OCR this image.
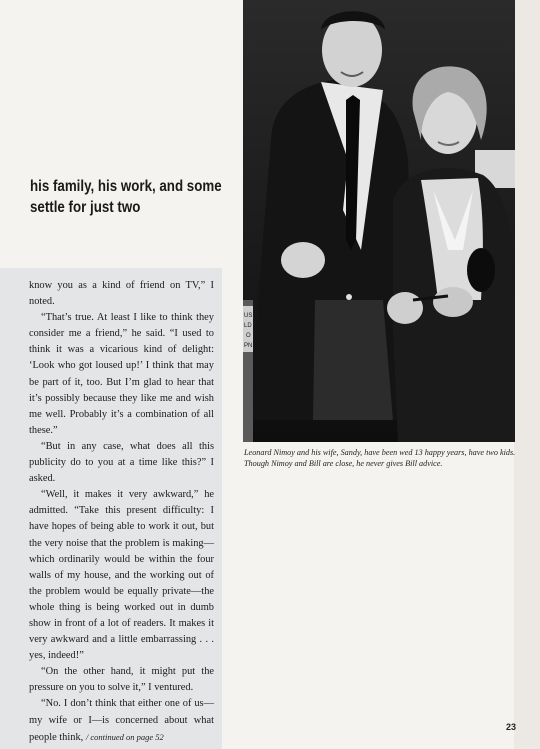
his family, his work, and some
settle for just two

know you as a kind of friend on TV,” I noted.

“That’s true. At least I like to think they consider me a friend,” he said. “I used to think it was a vicarious kind of delight: ‘Look who got loused up!’ I think that may be part of it, too. But I’m glad to hear that it’s possibly because they like me and wish me well. Probably it’s a combination of all these.”

“But in any case, what does all this publicity do to you at a time like this?” I asked.

“Well, it makes it very awkward,” he admitted. “Take this present difficulty: I have hopes of being able to work it out, but the very noise that the problem is making—which ordinarily would be within the four walls of my house, and the working out of the problem would be equally private—the whole thing is being worked out in dumb show in front of a lot of readers. It makes it very awkward and a little embarrassing . . . yes, indeed!”

“On the other hand, it might put the pressure on you to solve it,” I ventured.

“No. I don’t think that either one of us—my wife or I—is concerned about what people think, / continued on page 52

US
LD
O
PN
Leonard Nimoy and his wife, Sandy, have been wed 13 happy years, have two kids. Though Nimoy and Bill are close, he never gives Bill advice.
23
